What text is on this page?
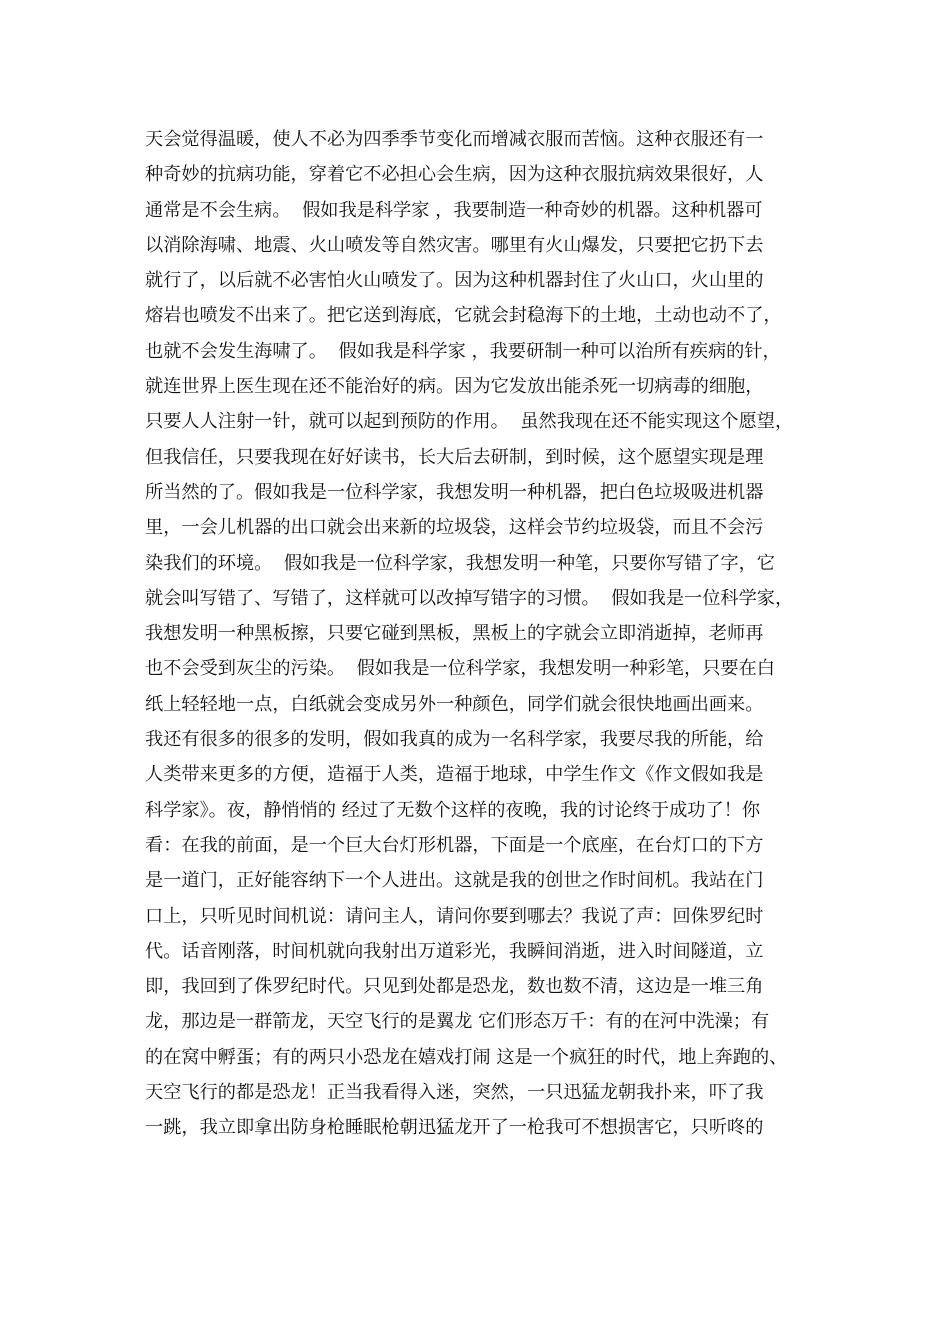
天会觉得温暖，使人不必为四季季节变化而增减衣服而苦恼。这种衣服还有一
种奇妙的抗病功能，穿着它不必担心会生病，因为这种衣服抗病效果很好，人
通常是不会生病。  假如我是科学家 ，我要制造一种奇妙的机器。这种机器可
以消除海啸、地震、火山喷发等自然灾害。哪里有火山爆发，只要把它扔下去
就行了，以后就不必害怕火山喷发了。因为这种机器封住了火山口，火山里的
熔岩也喷发不出来了。把它送到海底，它就会封稳海下的土地，土动也动不了，
也就不会发生海啸了。  假如我是科学家 ，我要研制一种可以治所有疾病的针，
就连世界上医生现在还不能治好的病。因为它发放出能杀死一切病毒的细胞，
只要人人注射一针，就可以起到预防的作用。  虽然我现在还不能实现这个愿望，
但我信任，只要我现在好好读书，长大后去研制，到时候，这个愿望实现是理
所当然的了。假如我是一位科学家，我想发明一种机器，把白色垃圾吸进机器
里，一会儿机器的出口就会出来新的垃圾袋，这样会节约垃圾袋，而且不会污
染我们的环境。  假如我是一位科学家，我想发明一种笔，只要你写错了字，它
就会叫写错了、写错了，这样就可以改掉写错字的习惯。  假如我是一位科学家，
我想发明一种黑板擦，只要它碰到黑板，黑板上的字就会立即消逝掉，老师再
也不会受到灰尘的污染。  假如我是一位科学家，我想发明一种彩笔，只要在白
纸上轻轻地一点，白纸就会变成另外一种颜色，同学们就会很快地画出画来。
我还有很多的很多的发明，假如我真的成为一名科学家，我要尽我的所能，给
人类带来更多的方便，造福于人类，造福于地球，中学生作文《作文假如我是
科学家》。夜，静悄悄的 经过了无数个这样的夜晚，我的讨论终于成功了！你
看：在我的前面，是一个巨大台灯形机器，下面是一个底座，在台灯口的下方
是一道门，正好能容纳下一个人进出。这就是我的创世之作时间机。我站在门
口上，只听见时间机说：请问主人，请问你要到哪去？我说了声：回侏罗纪时
代。话音刚落，时间机就向我射出万道彩光，我瞬间消逝，进入时间隧道，立
即，我回到了侏罗纪时代。只见到处都是恐龙，数也数不清，这边是一堆三角
龙，那边是一群箭龙，天空飞行的是翼龙 它们形态万千：有的在河中洗澡；有
的在窝中孵蛋；有的两只小恐龙在嬉戏打闹 这是一个疯狂的时代，地上奔跑的、
天空飞行的都是恐龙！正当我看得入迷，突然，一只迅猛龙朝我扑来，吓了我
一跳，我立即拿出防身枪睡眠枪朝迅猛龙开了一枪我可不想损害它，只听咚的
